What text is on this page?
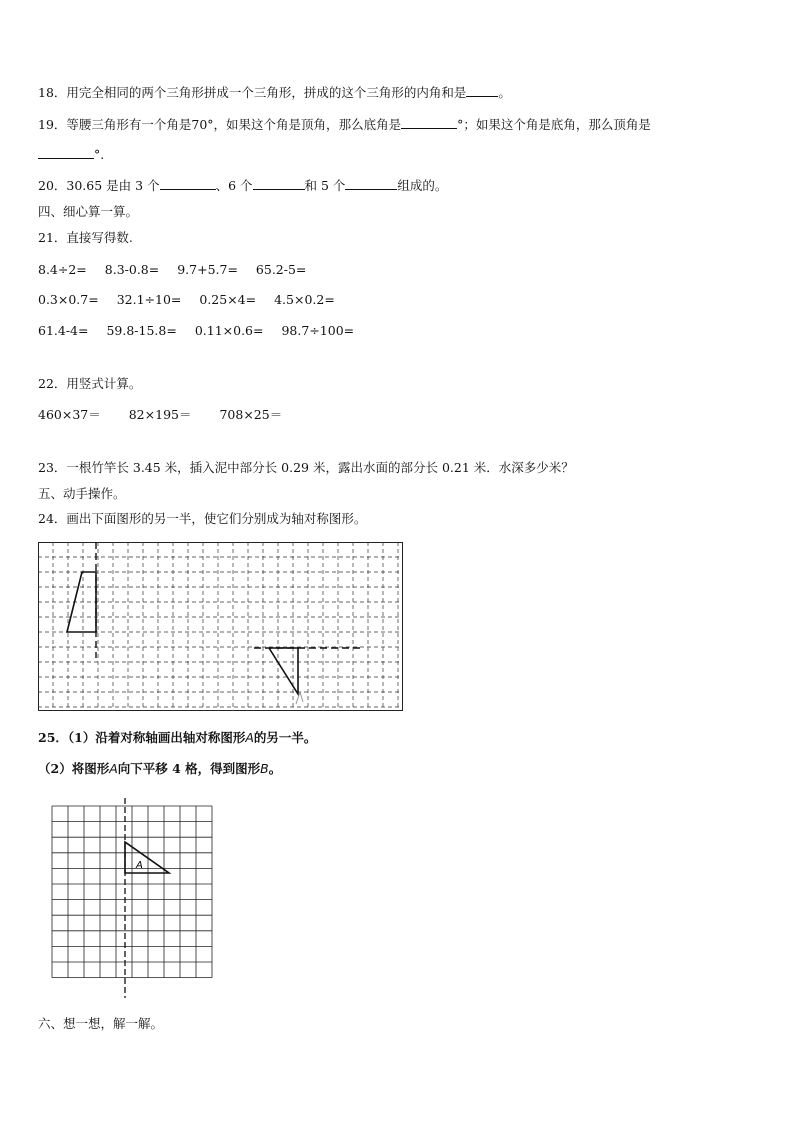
18．用完全相同的两个三角形拼成一个三角形，拼成的这个三角形的内角和是	。
19．等腰三角形有一个角是70°，如果这个角是顶角，那么底角是	°；如果这个角是底角，那么顶角是
°.
20．30.65 是由 3 个	、6 个	和 5 个	组成的。
四、细心算一算。
21．直接写得数.
8.4÷2= 8.3-0.8= 9.7+5.7= 65.2-5=
0.3×0.7= 32.1÷10= 0.25×4= 4.5×0.2=
61.4-4= 59.8-15.8= 0.11×0.6= 98.7÷100=
22．用竖式计算。
460×37＝ 82×195＝ 708×25＝
23．一根竹竿长 3.45 米，插入泥中部分长 0.29 米，露出水面的部分长 0.21 米．水深多少米？
五、动手操作。
24．画出下面图形的另一半，使它们分别成为轴对称图形。
25．（1）沿着对称轴画出轴对称图形A的另一半。
（2）将图形A向下平移 4 格，得到图形B。
A
六、想一想，解一解。
